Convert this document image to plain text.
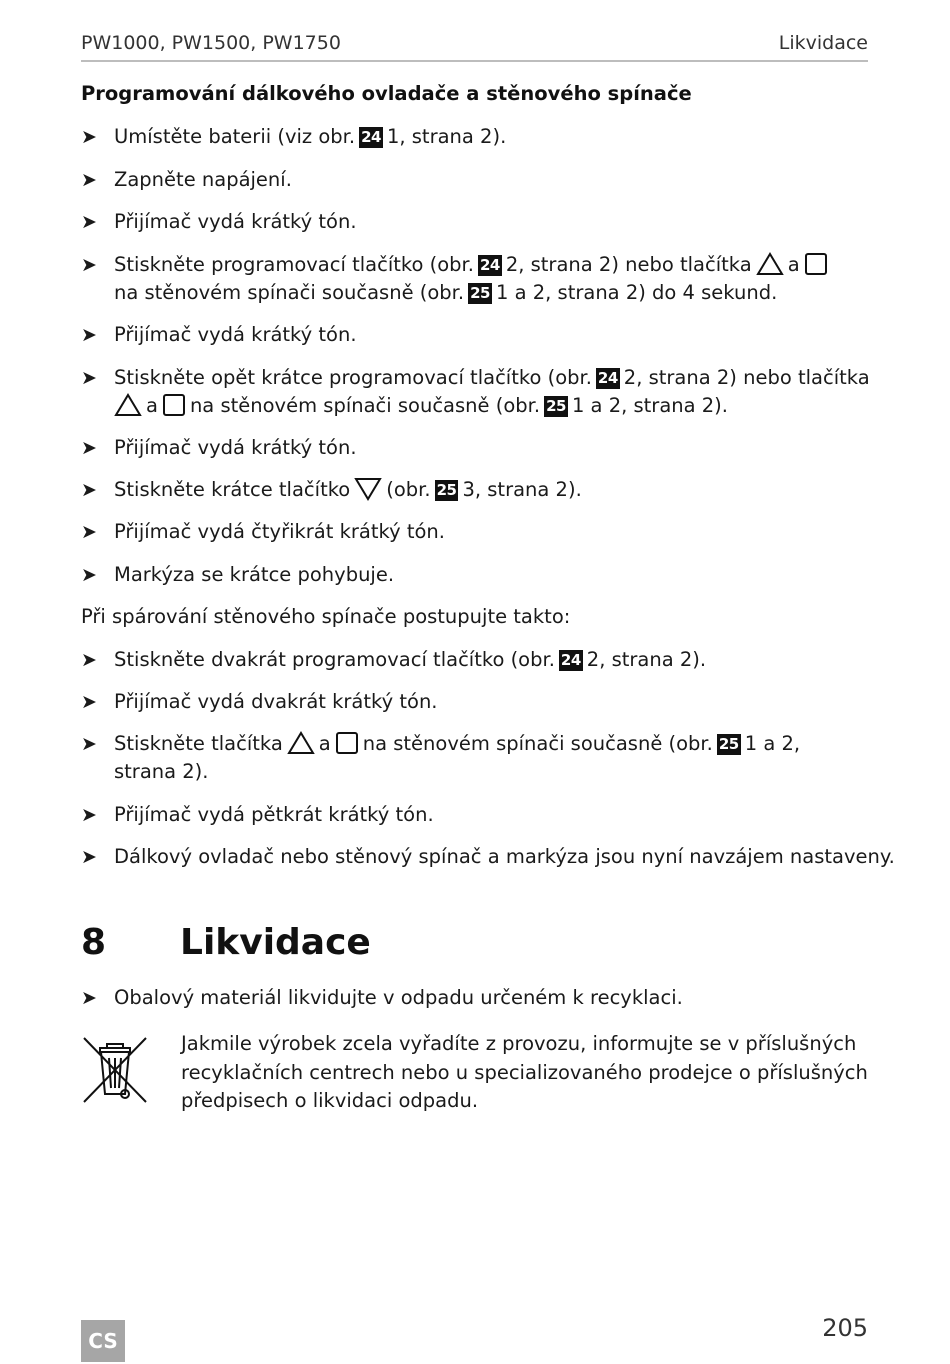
PW1000, PW1500, PW1750	Likvidace
Programování dálkového ovladače a stěnového spínače
➤ Umístěte baterii (viz obr. 24 1, strana 2).
➤ Zapněte napájení.
➤ Přijímač vydá krátký tón.
➤ Stiskněte programovací tlačítko (obr. 24 2, strana 2) nebo tlačítka a
na stěnovém spínači současně (obr. 25 1 a 2, strana 2) do 4 sekund.
➤ Přijímač vydá krátký tón.
➤ Stiskněte opět krátce programovací tlačítko (obr. 24 2, strana 2) nebo tlačítka
a na stěnovém spínači současně (obr. 25 1 a 2, strana 2).
➤ Přijímač vydá krátký tón.
➤ Stiskněte krátce tlačítko (obr. 25 3, strana 2).
➤ Přijímač vydá čtyřikrát krátký tón.
➤ Markýza se krátce pohybuje.
Při spárování stěnového spínače postupujte takto:
➤ Stiskněte dvakrát programovací tlačítko (obr. 24 2, strana 2).
➤ Přijímač vydá dvakrát krátký tón.
➤ Stiskněte tlačítka a na stěnovém spínači současně (obr. 25 1 a 2,
strana 2).
➤ Přijímač vydá pětkrát krátký tón.
➤ Dálkový ovladač nebo stěnový spínač a markýza jsou nyní navzájem nastaveny.
8 Likvidace
➤ Obalový materiál likvidujte v odpadu určeném k recyklaci.
Jakmile výrobek zcela vyřadíte z provozu, informujte se v příslušných recyklačních centrech nebo u specializovaného prodejce o příslušných předpisech o likvidaci odpadu.
CS	205
